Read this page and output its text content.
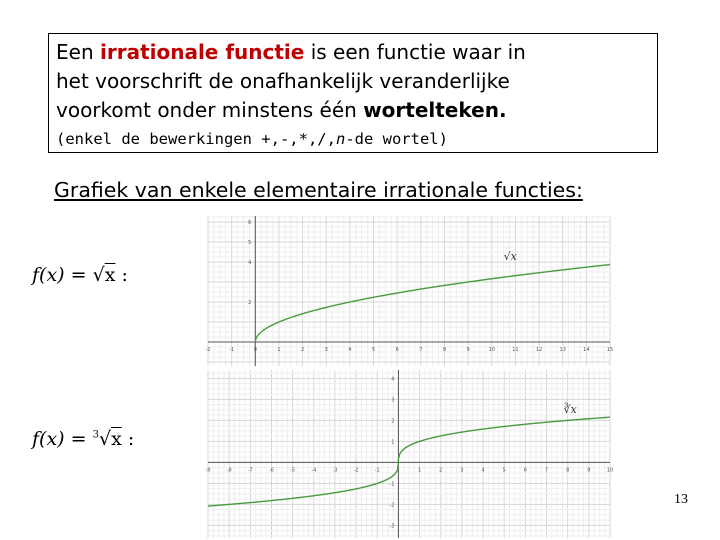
Een irrationale functie is een functie waar in
het voorschrift de onafhankelijk veranderlijke
voorkomt onder minstens één wortelteken.
(enkel de bewerkingen +,-,*,/,n-de wortel)
Grafiek van enkele elementaire irrationale functies:
f(x) = √x :
f(x) = $^3$√x :
-2	-1	0	1	2	3	4	5	6	7	8	9	10	11	12	13	14	15
2
4
5
6
√x
-9	-8	-7	-6	-5	-4	-3	-2	-1	1	2	3	4	5	6	7	8	9	10
-3
-2
-1
1
2
3
4
∛x
13
